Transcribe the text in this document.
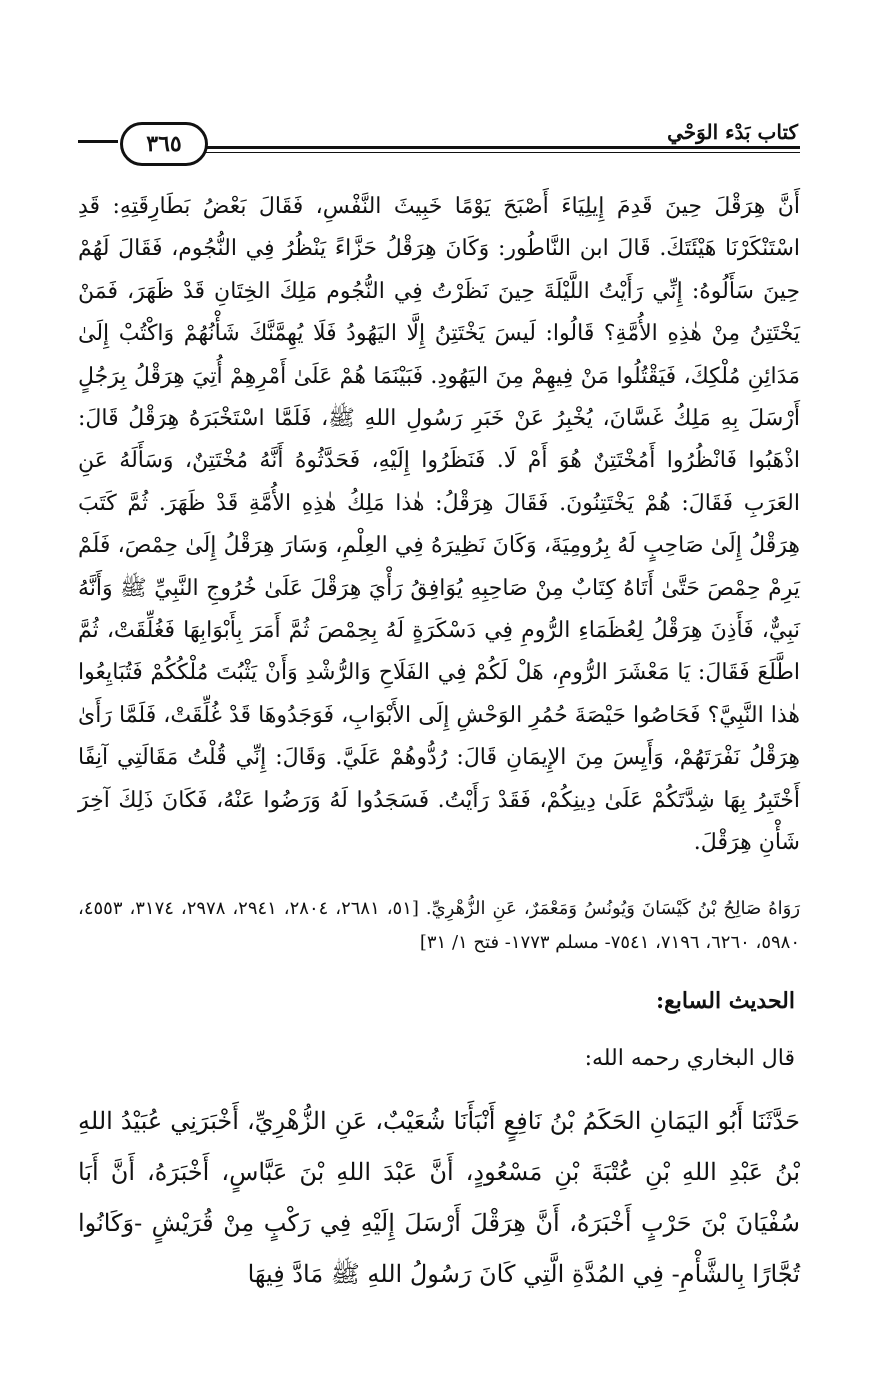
كتاب بَدْء الوَحْي
٣٦٥

أَنَّ هِرَقْلَ حِينَ قَدِمَ إِيلِيَاءَ أَصْبَحَ يَوْمًا خَبِيثَ النَّفْسِ، فَقَالَ بَعْضُ بَطَارِقَتِهِ: قَدِ اسْتَنْكَرْنَا هَيْئَتَكَ. قَالَ ابن النَّاطُور: وَكَانَ هِرَقْلُ حَزَّاءً يَنْظُرُ فِي النُّجُوم، فَقَالَ لَهُمْ حِينَ سَأَلُوهُ: إِنِّي رَأَيْتُ اللَّيْلَةَ حِينَ نَظَرْتُ فِي النُّجُوم مَلِكَ الخِتَانِ قَدْ ظَهَرَ، فَمَنْ يَخْتَتِنُ مِنْ هٰذِهِ الأُمَّةِ؟ قَالُوا: لَيسَ يَخْتَتِنُ إِلَّا اليَهُودُ فَلَا يُهِمَّنَّكَ شَأْنُهُمْ وَاكْتُبْ إِلَىٰ مَدَائِنِ مُلْكِكَ، فَيَقْتُلُوا مَنْ فِيهِمْ مِنَ اليَهُودِ. فَبَيْنَمَا هُمْ عَلَىٰ أَمْرِهِمْ أُتِيَ هِرَقْلُ بِرَجُلٍ أَرْسَلَ بِهِ مَلِكُ غَسَّانَ، يُخْبِرُ عَنْ خَبَرِ رَسُولِ اللهِ ﷺ، فَلَمَّا اسْتَخْبَرَهُ هِرَقْلُ قَالَ: اذْهَبُوا فَانْظُرُوا أَمُخْتَتِنٌ هُوَ أَمْ لَا. فَنَظَرُوا إِلَيْهِ، فَحَدَّثُوهُ أَنَّهُ مُخْتَتِنٌ، وَسَأَلَهُ عَنِ العَرَبِ فَقَالَ: هُمْ يَخْتَتِنُونَ. فَقَالَ هِرَقْلُ: هٰذا مَلِكُ هٰذِهِ الأُمَّةِ قَدْ ظَهَرَ. ثُمَّ كَتَبَ هِرَقْلُ إِلَىٰ صَاحِبٍ لَهُ بِرُومِيَةَ، وَكَانَ نَظِيرَهُ فِي العِلْمِ، وَسَارَ هِرَقْلُ إِلَىٰ حِمْصَ، فَلَمْ يَرِمْ حِمْصَ حَتَّىٰ أَتَاهُ كِتَابٌ مِنْ صَاحِبِهِ يُوَافِقُ رَأْيَ هِرَقْلَ عَلَىٰ خُرُوجِ النَّبِيِّ ﷺ وَأَنَّهُ نَبِيٌّ، فَأَذِنَ هِرَقْلُ لِعُظَمَاءِ الرُّومِ فِي دَسْكَرَةٍ لَهُ بِحِمْصَ ثُمَّ أَمَرَ بِأَبْوَابِهَا فَغُلِّقَتْ، ثُمَّ اطَّلَعَ فَقَالَ: يَا مَعْشَرَ الرُّومِ، هَلْ لَكُمْ فِي الفَلَاحِ وَالرُّشْدِ وَأَنْ يَثْبُتَ مُلْكُكُمْ فَتُبَايِعُوا هٰذا النَّبِيَّ؟ فَحَاصُوا حَيْصَةَ حُمُرِ الوَحْشِ إِلَى الأَبْوَابِ، فَوَجَدُوهَا قَدْ غُلِّقَتْ، فَلَمَّا رَأَىٰ هِرَقْلُ نَفْرَتَهُمْ، وَأَيِسَ مِنَ الإِيمَانِ قَالَ: رُدُّوهُمْ عَلَيَّ. وَقَالَ: إِنِّي قُلْتُ مَقَالَتِي آنِفًا أَخْتَبِرُ بِهَا شِدَّتَكُمْ عَلَىٰ دِينِكُمْ، فَقَدْ رَأَيْتُ. فَسَجَدُوا لَهُ وَرَضُوا عَنْهُ، فَكَانَ ذَلِكَ آخِرَ شَأْنِ هِرَقْلَ.

رَوَاهُ صَالِحُ بْنُ كَيْسَانَ وَيُونُسُ وَمَعْمَرٌ، عَنِ الزُّهْرِيِّ. [٥١، ٢٦٨١، ٢٨٠٤، ٢٩٤١، ٢٩٧٨، ٣١٧٤، ٤٥٥٣، ٥٩٨٠، ٦٢٦٠، ٧١٩٦، ٧٥٤١- مسلم ١٧٧٣- فتح ١/ ٣١]

الحديث السابع:
قال البخاري رحمه الله:

حَدَّثَنَا أَبُو اليَمَانِ الحَكَمُ بْنُ نَافِعٍ أَنْبَأَنَا شُعَيْبٌ، عَنِ الزُّهْرِيِّ، أَخْبَرَنِي عُبَيْدُ اللهِ بْنُ عَبْدِ اللهِ بْنِ عُتْبَةَ بْنِ مَسْعُودٍ، أَنَّ عَبْدَ اللهِ بْنَ عَبَّاسٍ، أَخْبَرَهُ، أَنَّ أَبَا سُفْيَانَ بْنَ حَرْبٍ أَخْبَرَهُ، أَنَّ هِرَقْلَ أَرْسَلَ إِلَيْهِ فِي رَكْبٍ مِنْ قُرَيْشٍ -وَكَانُوا تُجَّارًا بِالشَّأْمِ- فِي المُدَّةِ الَّتِي كَانَ رَسُولُ اللهِ ﷺ مَادَّ فِيهَا
